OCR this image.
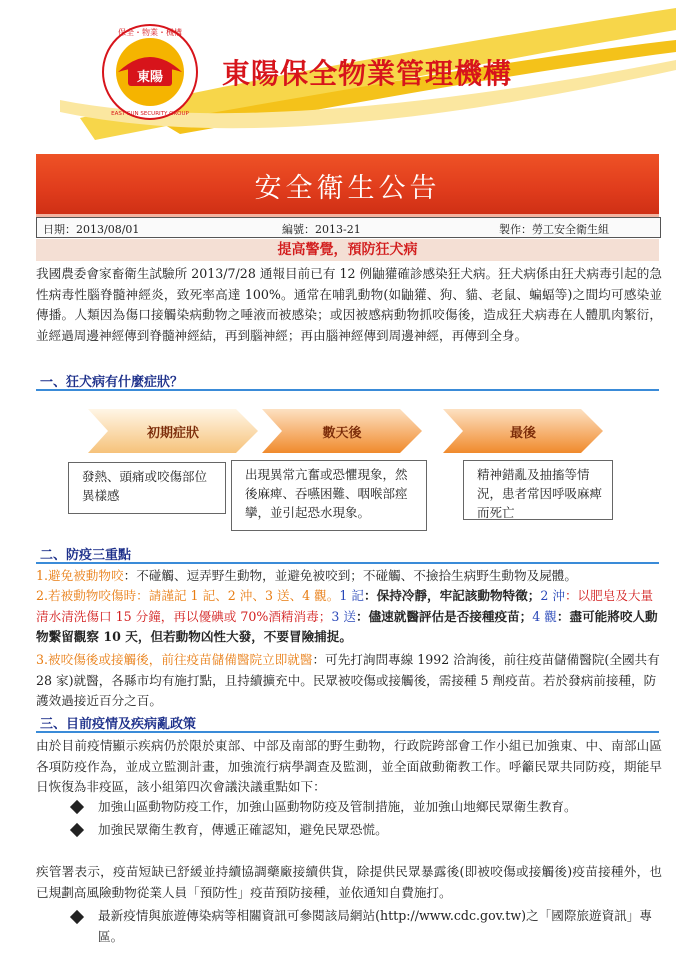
東陽
保全・物業・機構
EAST SUN SECURITY GROUP
東陽保全物業管理機構
安全衛生公告
日期：2013/08/01	編號：2013-21	製作：勞工安全衛生組
提高警覺，預防狂犬病
我國農委會家畜衛生試驗所 2013/7/28 通報目前已有 12 例鼬獾確診感染狂犬病。狂犬病係由狂犬病毒引起的急性病毒性腦脊髓神經炎，致死率高達 100%。通常在哺乳動物(如鼬獾、狗、貓、老鼠、蝙蝠等)之間均可感染並傳播。人類因為傷口接觸染病動物之唾液而被感染；或因被感病動物抓咬傷後，造成狂犬病毒在人體肌肉繁衍，並經過周邊神經傳到脊髓神經結，再到腦神經；再由腦神經傳到周邊神經，再傳到全身。
一、狂犬病有什麼症狀？
初期症狀	數天後	最後
發熱、頭痛或咬傷部位異樣感
出現異常亢奮或恐懼現象，然後麻痺、吞嚥困難、咽喉部痙攣，並引起恐水現象。
精神錯亂及抽搐等情況，患者常因呼吸麻痺而死亡
二、防疫三重點
1.避免被動物咬：不碰觸、逗弄野生動物，並避免被咬到；不碰觸、不撿拾生病野生動物及屍體。
2.若被動物咬傷時：請謹記 1 記、2 沖、3 送、4 觀。1 記：保持冷靜，牢記該動物特徵；2 沖：以肥皂及大量清水清洗傷口 15 分鐘，再以優碘或 70%酒精消毒；3 送：儘速就醫評估是否接種疫苗；4 觀：盡可能將咬人動物繫留觀察 10 天，但若動物凶性大發，不要冒險捕捉。
3.被咬傷後或接觸後，前往疫苗儲備醫院立即就醫：可先打詢問專線 1992 洽詢後，前往疫苗儲備醫院(全國共有 28 家)就醫，各縣市均有施打點，且持續擴充中。民眾被咬傷或接觸後，需接種 5 劑疫苗。若於發病前接種，防護效過接近百分之百。
三、目前疫情及疾病亂政策
由於目前疫情顯示疾病仍於限於東部、中部及南部的野生動物，行政院跨部會工作小組已加強東、中、南部山區各項防疫作為，並成立監測計畫，加強流行病學調查及監測，並全面啟動衛教工作。呼籲民眾共同防疫，期能早日恢復為非疫區，該小組第四次會議決議重點如下：
加強山區動物防疫工作，加強山區動物防疫及管制措施，並加強山地鄉民眾衛生教育。
加強民眾衛生教育，傳遞正確認知，避免民眾恐慌。
疾管署表示，疫苗短缺已舒緩並持續協調藥廠接續供貨，除提供民眾暴露後(即被咬傷或接觸後)疫苗接種外，也已規劃高風險動物從業人員「預防性」疫苗預防接種，並依通知自費施打。
最新疫情與旅遊傳染病等相關資訊可參閱該局網站(http://www.cdc.gov.tw)之「國際旅遊資訊」專區。
